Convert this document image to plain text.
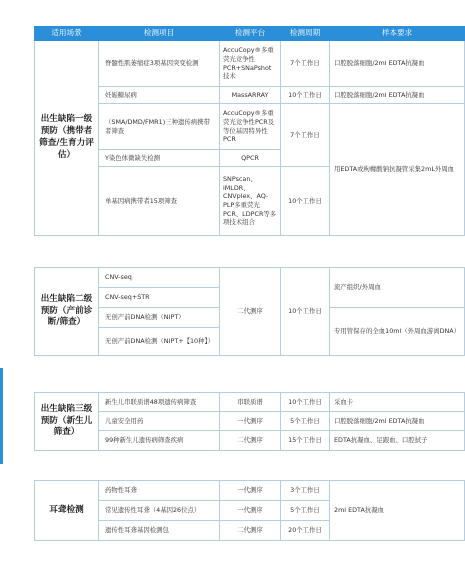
适用场景	检测项目	检测平台	检测周期	样本要求
出生缺陷一级预防（携带者筛查/生育力评估）	脊髓性肌萎缩症3项基因突变检测	AccuCopy®多重荧光竞争性PCR+SNaPshot技术	7个工作日	口腔脱落细胞/2ml EDTA抗凝血
	妊娠糖尿病	MassARRAY	10个工作日	口腔脱落细胞/2ml EDTA抗凝血
	（SMA/DMD/FMR1)三种遗传病携带者筛查	AccuCopy®多重荧光竞争性PCR及等位基因特异性PCR	7个工作日	用EDTA或枸橼酸钠抗凝管采集2mL外周血
	Y染色体微缺失检测	QPCR		
	单基因病携带者15项筛查	SNPscan、iMLDR、CNVplex、AQ-PLP多重荧光PCR、LDPCR等多项技术组合	10个工作日	
出生缺陷二级预防（产前诊断/筛查）	CNV-seq	二代测序	10个工作日	流产组织/外周血
	CNV-seq+STR			
	无创产前DNA检测（NIPT）			专用管保存的全血10ml（外周血游离DNA）
	无创产前DNA检测（NIPT+【10种】）			
出生缺陷三级预防（新生儿筛查）	新生儿串联质谱48项遗传病筛查	串联质谱	10个工作日	采血卡
	儿童安全用药	一代测序	5个工作日	口腔脱落细胞/2ml EDTA抗凝血
	99种新生儿遗传病筛查疾病	二代测序	15个工作日	EDTA抗凝血、足跟血、口腔拭子
耳聋检测	药物性耳聋	一代测序	3个工作日	2ml EDTA抗凝血
	常见遗传性耳聋（4基因26位点）	一代测序	5个工作日	
	遗传性耳聋基因检测包	二代测序	20个工作日	
